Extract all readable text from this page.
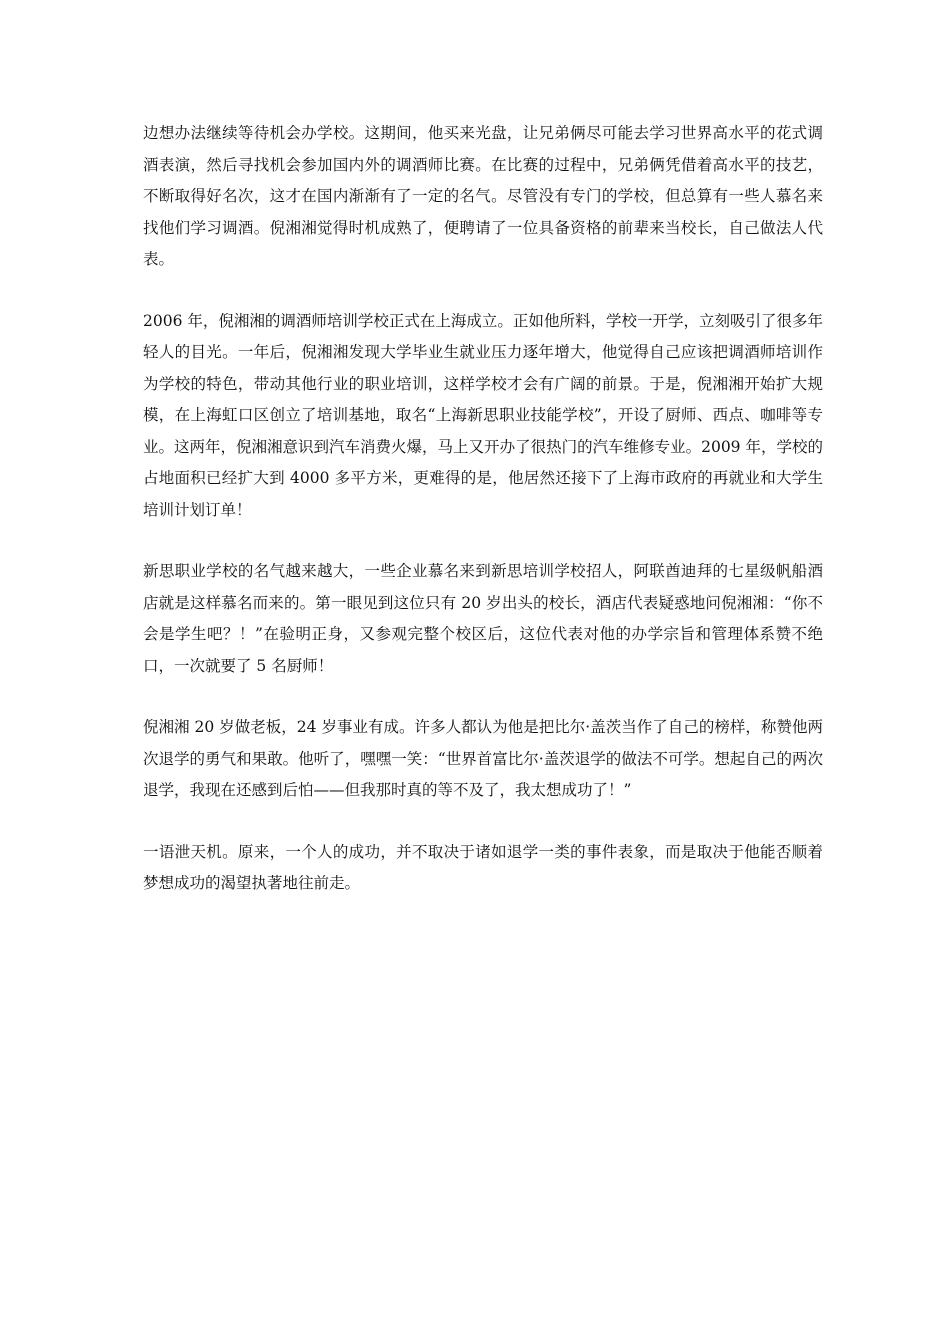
边想办法继续等待机会办学校。这期间，他买来光盘，让兄弟俩尽可能去学习世界高水平的花式调酒表演，然后寻找机会参加国内外的调酒师比赛。在比赛的过程中，兄弟俩凭借着高水平的技艺，不断取得好名次，这才在国内渐渐有了一定的名气。尽管没有专门的学校，但总算有一些人慕名来找他们学习调酒。倪湘湘觉得时机成熟了，便聘请了一位具备资格的前辈来当校长，自己做法人代表。

2006 年，倪湘湘的调酒师培训学校正式在上海成立。正如他所料，学校一开学，立刻吸引了很多年轻人的目光。一年后，倪湘湘发现大学毕业生就业压力逐年增大，他觉得自己应该把调酒师培训作为学校的特色，带动其他行业的职业培训，这样学校才会有广阔的前景。于是，倪湘湘开始扩大规模，在上海虹口区创立了培训基地，取名“上海新思职业技能学校”，开设了厨师、西点、咖啡等专业。这两年，倪湘湘意识到汽车消费火爆，马上又开办了很热门的汽车维修专业。2009 年，学校的占地面积已经扩大到 4000 多平方米，更难得的是，他居然还接下了上海市政府的再就业和大学生培训计划订单！

新思职业学校的名气越来越大，一些企业慕名来到新思培训学校招人，阿联酋迪拜的七星级帆船酒店就是这样慕名而来的。第一眼见到这位只有 20 岁出头的校长，酒店代表疑惑地问倪湘湘：“你不会是学生吧？！”在验明正身，又参观完整个校区后，这位代表对他的办学宗旨和管理体系赞不绝口，一次就要了 5 名厨师！

倪湘湘 20 岁做老板，24 岁事业有成。许多人都认为他是把比尔·盖茨当作了自己的榜样，称赞他两次退学的勇气和果敢。他听了，嘿嘿一笑：“世界首富比尔·盖茨退学的做法不可学。想起自己的两次退学，我现在还感到后怕——但我那时真的等不及了，我太想成功了！”

一语泄天机。原来，一个人的成功，并不取决于诸如退学一类的事件表象，而是取决于他能否顺着梦想成功的渴望执著地往前走。
